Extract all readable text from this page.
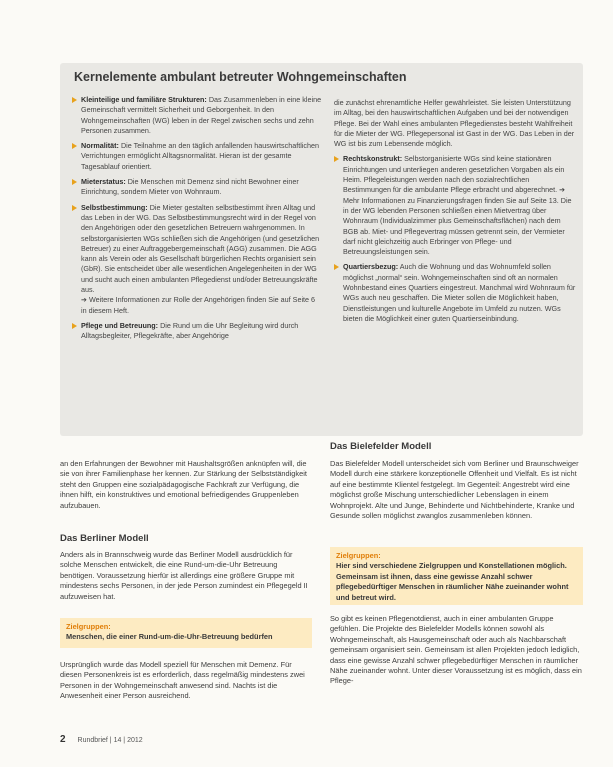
Kernelemente ambulant betreuter Wohngemeinschaften
Kleinteilige und familiäre Strukturen: Das Zusammenleben in eine kleine Gemeinschaft vermittelt Sicherheit und Geborgenheit. In den Wohngemeinschaften (WG) leben in der Regel zwischen sechs und zehn Personen zusammen.
Normalität: Die Teilnahme an den täglich anfallenden hauswirtschaftlichen Verrichtungen ermöglicht Alltagsnormalität. Hieran ist der gesamte Tagesablauf orientiert.
Mieterstatus: Die Menschen mit Demenz sind nicht Bewohner einer Einrichtung, sondern Mieter von Wohnraum.
Selbstbestimmung: Die Mieter gestalten selbstbestimmt ihren Alltag und das Leben in der WG. Das Selbstbestimmungsrecht wird in der Regel von den Angehörigen oder den gesetzlichen Betreuern wahrgenommen. In selbstorganisierten WGs schließen sich die Angehörigen (und gesetzlichen Betreuer) zu einer Auftraggebergemeinschaft (AGG) zusammen. Die AGG kann als Verein oder als Gesellschaft bürgerlichen Rechts organisiert sein (GbR). Sie entscheidet über alle wesentlichen Angelegenheiten in der WG und sucht auch einen ambulanten Pflegedienst und/oder Betreuungskräfte aus.
➔ Weitere Informationen zur Rolle der Angehörigen finden Sie auf Seite 6 in diesem Heft.
Pflege und Betreuung: Die Rund um die Uhr Begleitung wird durch Alltagsbegleiter, Pflegekräfte, aber Angehörige
die zunächst ehrenamtliche Helfer gewährleistet. Sie leisten Unterstützung im Alltag, bei den hauswirtschaftlichen Aufgaben und bei der notwendigen Pflege. Bei der Wahl eines ambulanten Pflegedienstes besteht Wahlfreiheit für die Mieter der WG. Pflegepersonal ist Gast in der WG. Das Leben in der WG ist bis zum Lebensende möglich.
Rechtskonstrukt: Selbstorganisierte WGs sind keine stationären Einrichtungen und unterliegen anderen gesetzlichen Vorgaben als ein Heim. Pflegeleistungen werden nach den sozialrechtlichen Bestimmungen für die ambulante Pflege erbracht und abgerechnet. ➔ Mehr Informationen zu Finanzierungsfragen finden Sie auf Seite 13. Die in der WG lebenden Personen schließen einen Mietvertrag über Wohnraum (Individualzimmer plus Gemeinschaftsflächen) nach dem BGB ab. Miet- und Pflegevertrag müssen getrennt sein, der Vermieter darf nicht gleichzeitig auch Erbringer von Pflege- und Betreuungsleistungen sein.
Quartiersbezug: Auch die Wohnung und das Wohnumfeld sollen möglichst „normal“ sein. Wohngemeinschaften sind oft an normalen Wohnbestand eines Quartiers eingestreut. Manchmal wird Wohnraum für WGs auch neu geschaffen. Die Mieter sollen die Möglichkeit haben, Dienstleistungen und kulturelle Angebote im Umfeld zu nutzen. WGs bieten die Möglichkeit einer guten Quartierseinbindung.
an den Erfahrungen der Bewohner mit Haushaltsgrößen anknüpfen will, die sie von ihrer Familienphase her kennen. Zur Stärkung der Selbstständigkeit steht den Gruppen eine sozialpädagogische Fachkraft zur Verfügung, die ihnen hilft, ein konstruktives und emotional befriedigendes Gruppenleben aufzubauen.
Das Berliner Modell
Anders als in Brannschweig wurde das Berliner Modell ausdrücklich für solche Menschen entwickelt, die eine Rund-um-die-Uhr Betreuung benötigen. Voraussetzung hierfür ist allerdings eine größere Gruppe mit mindestens sechs Personen, in der jede Person zumindest ein Pflegegeld II aufzuweisen hat.
Zielgruppen:
Menschen, die einer Rund-um-die-Uhr-Betreuung bedürfen
Ursprünglich wurde das Modell speziell für Menschen mit Demenz. Für diesen Personenkreis ist es erforderlich, dass regelmäßig mindestens zwei Personen in der Wohngemeinschaft anwesend sind. Nachts ist die Anwesenheit einer Person ausreichend.
Das Bielefelder Modell
Das Bielefelder Modell unterscheidet sich vom Berliner und Braunschweiger Modell durch eine stärkere konzeptionelle Offenheit und Vielfalt. Es ist nicht auf eine bestimmte Klientel festgelegt. Im Gegenteil: Angestrebt wird eine möglichst große Mischung unterschiedlicher Lebenslagen in einem Wohnprojekt. Alte und Junge, Behinderte und Nichtbehinderte, Kranke und Gesunde sollen möglichst zwanglos zusammenleben können.
Zielgruppen:
Hier sind verschiedene Zielgruppen und Konstellationen möglich. Gemeinsam ist ihnen, dass eine gewisse Anzahl schwer pflegebedürftiger Menschen in räumlicher Nähe zueinander wohnt und betreut wird.
So gibt es keinen Pflegenotdienst, auch in einer ambulanten Gruppe gefühlen. Die Projekte des Bielefelder Modells können sowohl als Wohngemeinschaft, als Hausgemeinschaft oder auch als Nachbarschaft gemeinsam organisiert sein. Gemeinsam ist allen Projekten jedoch lediglich, dass eine gewisse Anzahl schwer pflegebedürftiger Menschen in räumlicher Nähe zueinander wohnt. Unter dieser Voraussetzung ist es möglich, dass ein Pflege-
2 Rundbrief | 14 | 2012
